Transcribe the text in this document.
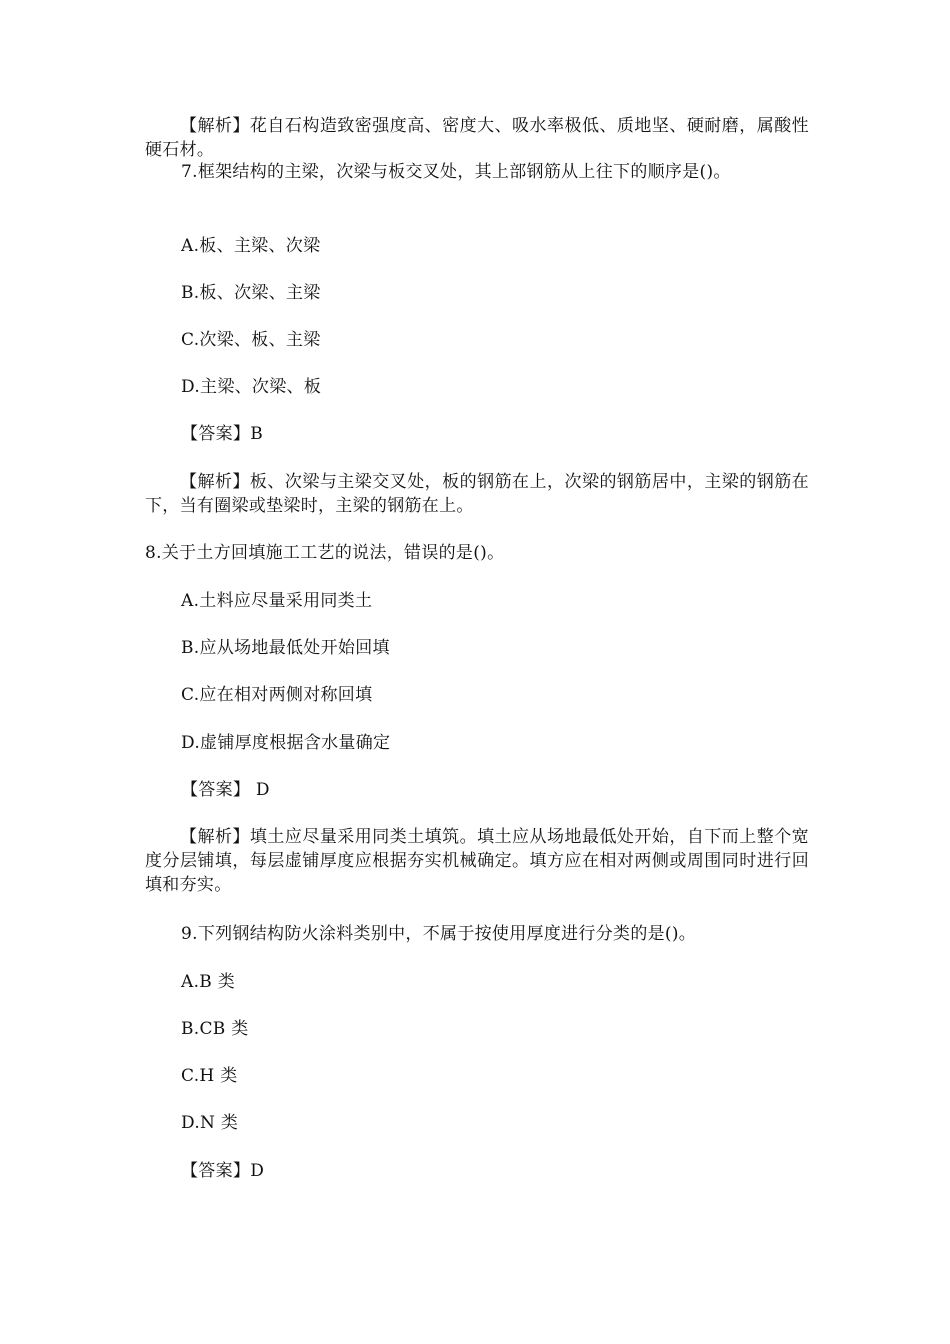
【解析】花自石构造致密强度高、密度大、吸水率极低、质地坚、硬耐磨，属酸性硬石材。
7.框架结构的主梁，次梁与板交叉处，其上部钢筋从上往下的顺序是()。
A.板、主梁、次梁
B.板、次梁、主梁
C.次梁、板、主梁
D.主梁、次梁、板
【答案】B
【解析】板、次梁与主梁交叉处，板的钢筋在上，次梁的钢筋居中，主梁的钢筋在下，当有圈梁或垫梁时，主梁的钢筋在上。
8.关于土方回填施工工艺的说法，错误的是()。
A.土料应尽量采用同类土
B.应从场地最低处开始回填
C.应在相对两侧对称回填
D.虚铺厚度根据含水量确定
【答案】 D
【解析】填土应尽量采用同类土填筑。填土应从场地最低处开始，自下而上整个宽度分层铺填，每层虚铺厚度应根据夯实机械确定。填方应在相对两侧或周围同时进行回填和夯实。
9.下列钢结构防火涂料类别中，不属于按使用厚度进行分类的是()。
A.B 类
B.CB 类
C.H 类
D.N 类
【答案】D
